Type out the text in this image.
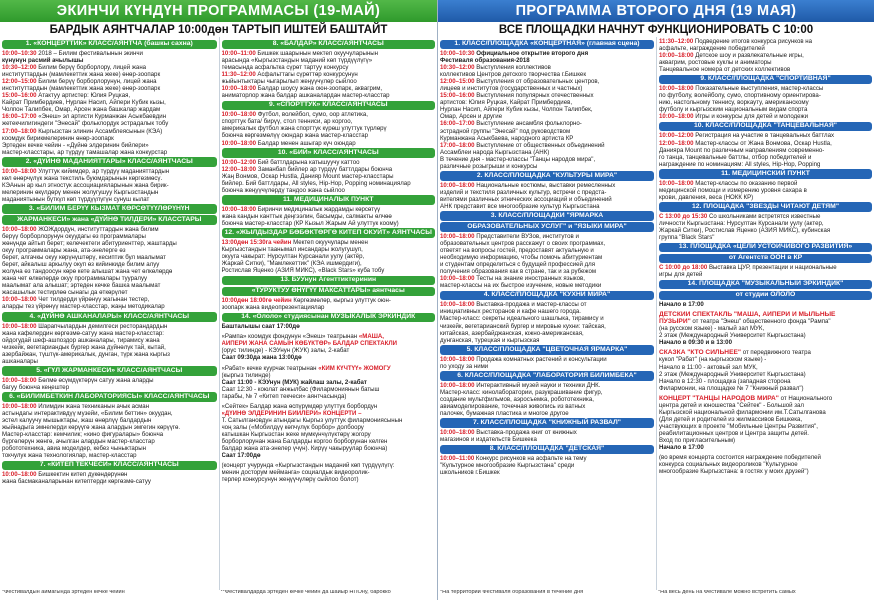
ЭКИНЧИ КҮНДҮН ПРОГРАММАСЫ (19-МАЙ)
БАРДЫК АЯНТЧАЛАР 10:00дөн ТАРТЫП ИШТЕЙ БАШТАЙТ
1. «КОНЦЕРТТИК» КЛАСС/АЯНТЧА (башкы сахна)
10:00–10:30 2018 – Билим фестивалынын экинчи
күнүнүн расмий ачылышы
10:30–12:00 Билим берүү борборлору, лицей жана
институттардын (мамлекеттик жана жеке) өнөр-зоопарк
12:00–15:00 Билим берүү борборлорунун, лицей жана
институттардын (мамлекеттик жана жеке) өнөр-зоопарк
15:00–16:00 Атактуу артистер: Юлия Руцкая,
Кайрат Примбердиев, Нурлан Насип, Айпери Кубик кызы,
Чолпон Талипбек, Омар, Арсен жана башкалар жардам
16:00–17:00 «Энеш» эл артисти Курманжан Асыкбаевдин
жетекчилигиндеги "Энесай" фольклордук эстрадалык тобу
17:00–18:00 Кыргызстан элинин Ассамблеясынын (КЭА)
коомдук бирикмелеринин өнөр-зоопарк
Эртеден кечке чейин - «Дүйнө элдеринин бийлери»
мастер-класстары, ар түрдүү тамашалар жана конкурстар
2. «ДҮЙНӨ МАДАНИЯТТАРЫ» КЛАСС/АЯНТЧАСЫ
10:00–18:00 Улуттук кийимдер, ар түрдүү маданияттардын
көл өнөрчүлүк жана текстиль буюмдарынын көргөзмөсү.
КЭАнын ар кыл этностук ассоциацияларынын жана бирик-
мелеринин өкүлдөрү менен жолугушуу Кыргызстандын
маданиятынын бүткүл көп түрдүүлүгүн сунуш кылат
3. «БИЛИМ БЕРҮҮ КЫЗМАТ КӨРСӨТҮҮЛӨРҮНҮН
ЖАРМАНКЕСИ» жана «ДҮЙНӨ ТИЛДЕРИ» КЛАССТАРЫ
10:00–18:00 ЖОЖдордун, институттардын жана билим
берүү борборлорунун окуудагы өз программалары
жөнүндө айтып берет; келечектеги абитуриенттер, жаштарды
окуу программалары жана, ата-энелерге өз
берет, алгачкы окуу көрүнүштөрү, кесиптик бул маалымат
берет, айкалыш аркылуу окуп өз кийинкиде билим алуу
жолуна өз тандоосун көрө кете алышат жана чет өлкөлөрдө
жана чет өлкөлөрдө окуу программалары тууралуу
маалымат ала алышат; эртеден кечке башка маалымат
жасашылык тестирлөө сынагы да өткөрүлөт
10:00–18:00 Чет тилдерди үйрөнүү жагынан тестер,
аларды тез үйрөнүү мастер-класстар, жаңы методикалар
4. «ДҮЙНӨ АШКАНАЛАРЫ» КЛАСС/АЯНТЧАСЫ
10:00–18:00 Шарапчылардын демилгеси ресторандардын
жана кафелердин көргөзмө-сатуу жана мастер-класстар:
ойдогудай шеф-ашпоздор ашканалары, тирамису жана
чизкейк, вегетариандык бургер жана дүйнөлүк тай, кытай,
азербайжан, түштүк-америкалык, дунган, түрк жана кыргыз
ашканалары
5. «ГҮЛ ЖАРМАНКЕСИ» КЛАСС/АЯНТЧАСЫ
10:00–18:00 Бөлмө өсүмдүктөрүн сатуу жана аларды
багуу боюнча кеңештер
6. «БИЛИМБЕТКИН ЛАБОРАТОРИЯСЫ» КЛАСС/АЯНТЧАСЫ
10:00–18:00 Илимдин жана техниканын ачык асман
астындагы интерактивдүү музейи, «Билим беттин» окуудан,
эстел калуучу мышыктары, жаш өнөрлүү балдардын
жыйнадыга эмнелерди көрүүгө жана алардын эмгегин көрүүгө.
Мастер-класстар: кемчилик; «кино фигуралары» боюнча
бүргөлөрүн жөнгө, ачылган алардын мастер-класстар
робототехника, авиа моделдер, кебез чыныктарын
токчулук жана технологиялар, мастер-класстар
7. «КИТЕП ТЕКЧЕСИ» КЛАСС/АЯНТЧАСЫ
10:00–18:00 Бишкектин китеп дүкөндөрүнөн
жана басмаканаларынан китептерди көргөзмө-сатуу
8. «БАЛДАР» КЛАСС/АЯНТЧАСЫ
10:00–11:00 Бишкек шаарынын мектеп окуучуларынын
арасында «Кыргызстандын маданий көп түрдүүлүгү»
темасында асфальтка сүрөт тартуу конкурсу
11:30–12:00 Асфальттагы сүрөттөр конкурсунун
жыйынтыктары чыгарылып жеңүүчүлөр сыйлоо
10:00–18:00 Балдар шоусу жана оюн-зоопарк, аквагрим,
аниматорлор жана балдар ашканалардан мастер-класстар
9. «СПОРТТУК» КЛАСС/АЯНТЧАСЫ
10:00–18:00 Футбол, волейбол, сумо, оор атлетика,
спорттук бата/ бирүү, стол тенниси, ар коргоо,
америкалык футбол жана спорттук күрөш улуттук түрлөрү
боюнча көргөзмөлүү оюндар жана мастер-класстар
10:00–18:00 Балдар менен ашыгар күч оюндар
10. «БИЙ» КЛАСС/АЯНТЧАСЫ
10:00–12:00 Бий баттлдарына катышуучу каттоо
12:00–18:00 Заманбап бийлер ар түрдүү баттлдары боюнча
Жаң Вонмов, Оскар Hustla, Данияр Mount мастер-класстары
бийлер. Бий баттлдары, All styles, Hip-Hop, Popping номинациялар
боюнча жеңүүчүлөрдү тандоо жана сыйлоо
11. МЕДИЦИНАЛЫК ПУНКТ
10:00–18:00 Биринчи медициналык жардамды көрсөтүү
жана кандын канттык деңгээлин, басымды, салмакты өлчөө
боюнча мастер-класстар (КР Кызыл Жарым Ай улуттук коому)
12. «ЖЫЛДЫЗДАР БӨБӨКТӨРГӨ КИТЕП ОКУЙТ» АЯНТЧАСЫ
13:00дөн 15:30га чейин Мектеп окуучулары менен
Кыргызстандын таанымал инсандары жолугушуп,
окууга чакырат: Нурсултан Курсанали уулу (актёр,
Жаркай Ситки), "Мамлекеттик" (КЭА ишмердиги),
Ростислав Яценко (АЗИЯ МИКС), «Black Stars» куба тобу
13. БУУнун Агенттиктеринин
«ТУРУКТУУ ӨНҮГҮҮ МАКСАТТАРЫ» аянтчасы
10:00дөн 18:00гө чейин Көргөзмөлөр, кыргыз улуттук оюн-
зоопарк жана видеопрезентациялар
14. «Ололо» студиясынан МУЗЫКАЛЫК ЭРКИНДИК
Башталышы саат 17:00дө
«Рампа» коомдук фондунун «Энеш» театрынан «МАША,
АЙПЕРИ ЖАНА САМЫН КӨБҮКТӨР» БАЛДАР СПЕКТАКЛИ
(орус тилинде) - КЭУнун (ЖУК) залы, 2-кабат
Саат 09:30да жана 13:00дө
«Рабат» кечке куурчак театрынан «КИМ КҮЧТҮҮ» ЖОМОГУ
(кыргыз тилинде)
Саат 11:00 - КЭУнун (МУК) жайлаш залы, 2-кабат
Саат 12:30 - коюлат анжылбас (Филармониянын батыш
тарабы, № 7 «Китеп текчеси» аянтчасында)
«Сейтек» Балдар жана өспүрүмдөр улуттук борбордун
«ДҮЙНӨ ЭЛДЕРИНИН БИЙЛЕРИ» КОНЦЕРТИ –
Т. Сатылгановдун атындагы Кыргыз улуттук филармониясынын
чоң залы («Мобилдүү көпчүлүк борбор» долбоору
катышкан Кыргызстан жеке мүмкүнчүлүктөрү жогору
борборлорунан жана Балдарды коргоо борборунан келген
балдар жана ата-энелер үчүн). Кирүү чакыруулар боюнча)
Саат 17:00дө
(концерт учурунда «Кыргызстандын маданий көп түрдүүлүгү:
менин досторум мейманга» социалдык видеоролик-
терлер конкурсунун жеңүүчүлөрү сыйлоо болот)
*Фестивалдын аймагында эртеден кечке чейин	**Фестивалдарда эртеден кечке чейин да шайыр НПОну, барокко
ПРОГРАММА ВТОРОГО ДНЯ (19 МАЯ)
ВСЕ ПЛОЩАДКИ НАЧНУТ ФУНКЦИОНИРОВАТЬ С 10:00
1. КЛАСС/ПЛОЩАДКА «КОНЦЕРТНАЯ» (главная сцена)
10:00–10:30 Официальное открытие второго дня
Фестиваля образования-2018
10:30–12:00 Выступления коллективов
коллективов Центров детского творчества г.Бишкек
12:00–15:00 Выступления от образовательных центров,
лицеев и институтов (государственных и частных)
15:00–16:00 Выступления популярных отечественных
артистов: Юлия Руцкая, Кайрат Примбердиев,
Нурлан Насип, Айпери Кубик кызы, Чолпон Талипбек,
Омар, Арсен и другие
16:00–17:00 Выступление ансамбля фольклорно-
эстрадной группы "Энесай" под руководством
Курманжана Асыкбаева, народного артиста КР
17:00–18:00 Выступление от общественных объединений
Ассамблеи народа Кыргызстана (АНК)
В течение дня - мастер-классы "Танцы народов мира",
различные розыгрыши и конкурсы
2. КЛАСС/ПЛОЩАДКА "КУЛЬТУРЫ МИРА"
10:00–18:00 Национальные костюмы, выставки ремесленных
изделий и текстиля различных культур, встречи с предста-
вителями различных этнических ассоциаций и объединений
АНК представит все многообразие культур Кыргызстана
3. КЛАСС/ПЛОЩАДКИ "ЯРМАРКА
ОБРАЗОВАТЕЛЬНЫХ УСЛУГ" и "ЯЗЫКИ МИРА"
10:00–18:00 Представители ВУЗов, институтов и
образовательных центров расскажут о своих программах,
ответят на вопросы гостей, предоставят актуальную и
необходимую информацию, чтобы помочь абитуриентам
и студентам определиться с будущей профессией для
получения образования как в стране, так и за рубежом
10:00–18:00 Тесты на знание иностранных языков,
мастер-классы на их быстрое изучение, новые методики
4. КЛАСС/ПЛОЩАДКА "КУХНИ МИРА"
10:00–18:00 Выставка-продажа и мастер-классы от
инициативных ресторанов и кафе нашего города.
Мастер-класс: секреты идеального шашлыка, тирамису и
чизкейк, вегетарианский бургер и мировые кухни: тайская,
китайская, азербайджанская, южно-американская,
дунганская, турецкая и кыргызская
5. КЛАСС/ПЛОЩАДКА "ЦВЕТОЧНАЯ ЯРМАРКА"
10:00–18:00 Продажа комнатных растений и консультации
по уходу за ними
6. КЛАСС/ПЛОЩАДКА "ЛАБОРАТОРИЯ БИЛИМБЕКА"
10:00–18:00 Интерактивный музей науки и техники ДНК.
Мастер-класс: кинолаборатории, разукрашивание фигур,
создание мультфильмов, аэросъемка, робототехника,
авиамоделирование, точечная живопись из ватных
палочек, бумажная пластика и многое другое
7. КЛАСС/ПЛОЩАДКА "КНИЖНЫЙ РАЗВАЛ"
10:00–18:00 Выставка-продажа книг от книжных
магазинов и издательств Бишкека
8. КЛАСС/ПЛОЩАДКА "ДЕТСКАЯ"
10:00–11:00 Конкурс рисунков на асфальте на тему
"Культурное многообразие Кыргызстана" среди
школьников г.Бишкек
11:30–12:00 Подведение итогов конкурса рисунков на
асфальте, награждение победителей
10:00–18:00 Детское шоу и развлекательные игры,
аквагрим, ростовые куклы и аниматоры
Танцевальное номера от детских коллективов
9. КЛАСС/ПЛОЩАДКА "СПОРТИВНАЯ"
10:00–18:00 Показательные выступления, мастер-классы
по футболу, волейболу, сумо, спортивному ориентирова-
нию, настольному теннису, воркауту, американскому
футболу и кыргызским национальным видам спорта
10:00–18:00 Игры и конкурсы для детей и молодежи
10. КЛАСС/ПЛОЩАДКА "ТАНЦЕВАЛЬНАЯ"
10:00–12:00 Регистрация на участие в танцевальных баттлах
12:00–18:00 Мастер-классы от Жана Вонмова, Оскар Hustla,
Данияра Mount по различным направлениям современно-
го танца, танцевальные баттлы, отбор победителей и
награждение по номинациям: All styles, Hip-Hop, Popping
11. МЕДИЦИНСКИЙ ПУНКТ
10:00–18:00 Мастер-классы по оказанию первой
медицинской помощи и измерению уровня сахара в
крови, давления, веса (НОКК КР)
12. ПЛОЩАДКА "ЗВЕЗДЫ ЧИТАЮТ ДЕТЯМ"
С 13:00 до 15:30 Со школьниками встретятся известные
личности Кыргызстана: Нурсултан Курсанали уулу (актер,
Жаркай Ситки), Ростислав Яценко (АЗИЯ МИКС), кубинская
группа "Black Stars"
13. ПЛОЩАДКА «ЦЕЛИ УСТОЙЧИВОГО РАЗВИТИЯ»
от Агентств ООН в КР
С 10:00 до 18:00 Выставка ЦУР, презентации и национальные
игры для детей
14. ПЛОЩАДКА "МУЗЫКАЛЬНЫЙ ЭРКИНДИК"
от студии ОЛОЛО
Начало в 17:00
ДЕТСКИЙ СПЕКТАКЛЬ "МАША, АЙПЕРИ И МЫЛЬНЫЕ
ПУЗЫРИ" от театра "Энеш" общественного фонда "Рампа"
(на русском языке) - малый зал МУК,
2 этаж (Международный Университет Кыргызстана)
Начало в 09:30 и в 13:00
СКАЗКА "КТО СИЛЬНЕЕ" от передвижного театра
кукол "Рабат" (на кыргызском языке) -
Начало в 11:00 - актовый зал МУК,
2 этаж (Международный Университет Кыргызстана)
Начало в 12:30 - площадка (западная сторона
Филармонии, на площадке № 7 "Книжный развал")
КОНЦЕРТ "ТАНЦЫ НАРОДОВ МИРА" от Национального
центра детей и юношества "Сейтек" - Большой зал
Кыргызской национальной филармонии им.Т.Сатылганова
(Для детей и родителей из жилмассивов Бишкека,
участвующих в проекте "Мобильные Центры Развития",
реабилитационных центров и Центра защиты детей.
Вход по пригласительным)
Начало в 17:00
(во время концерта состоится награждение победителей
конкурса социальных видеороликов "Культурное
многообразие Кыргызстана: в гостях у моих друзей")
*На территории Фестиваля образования в течение дня	*На весь день на Фестивале можно встретить самых
